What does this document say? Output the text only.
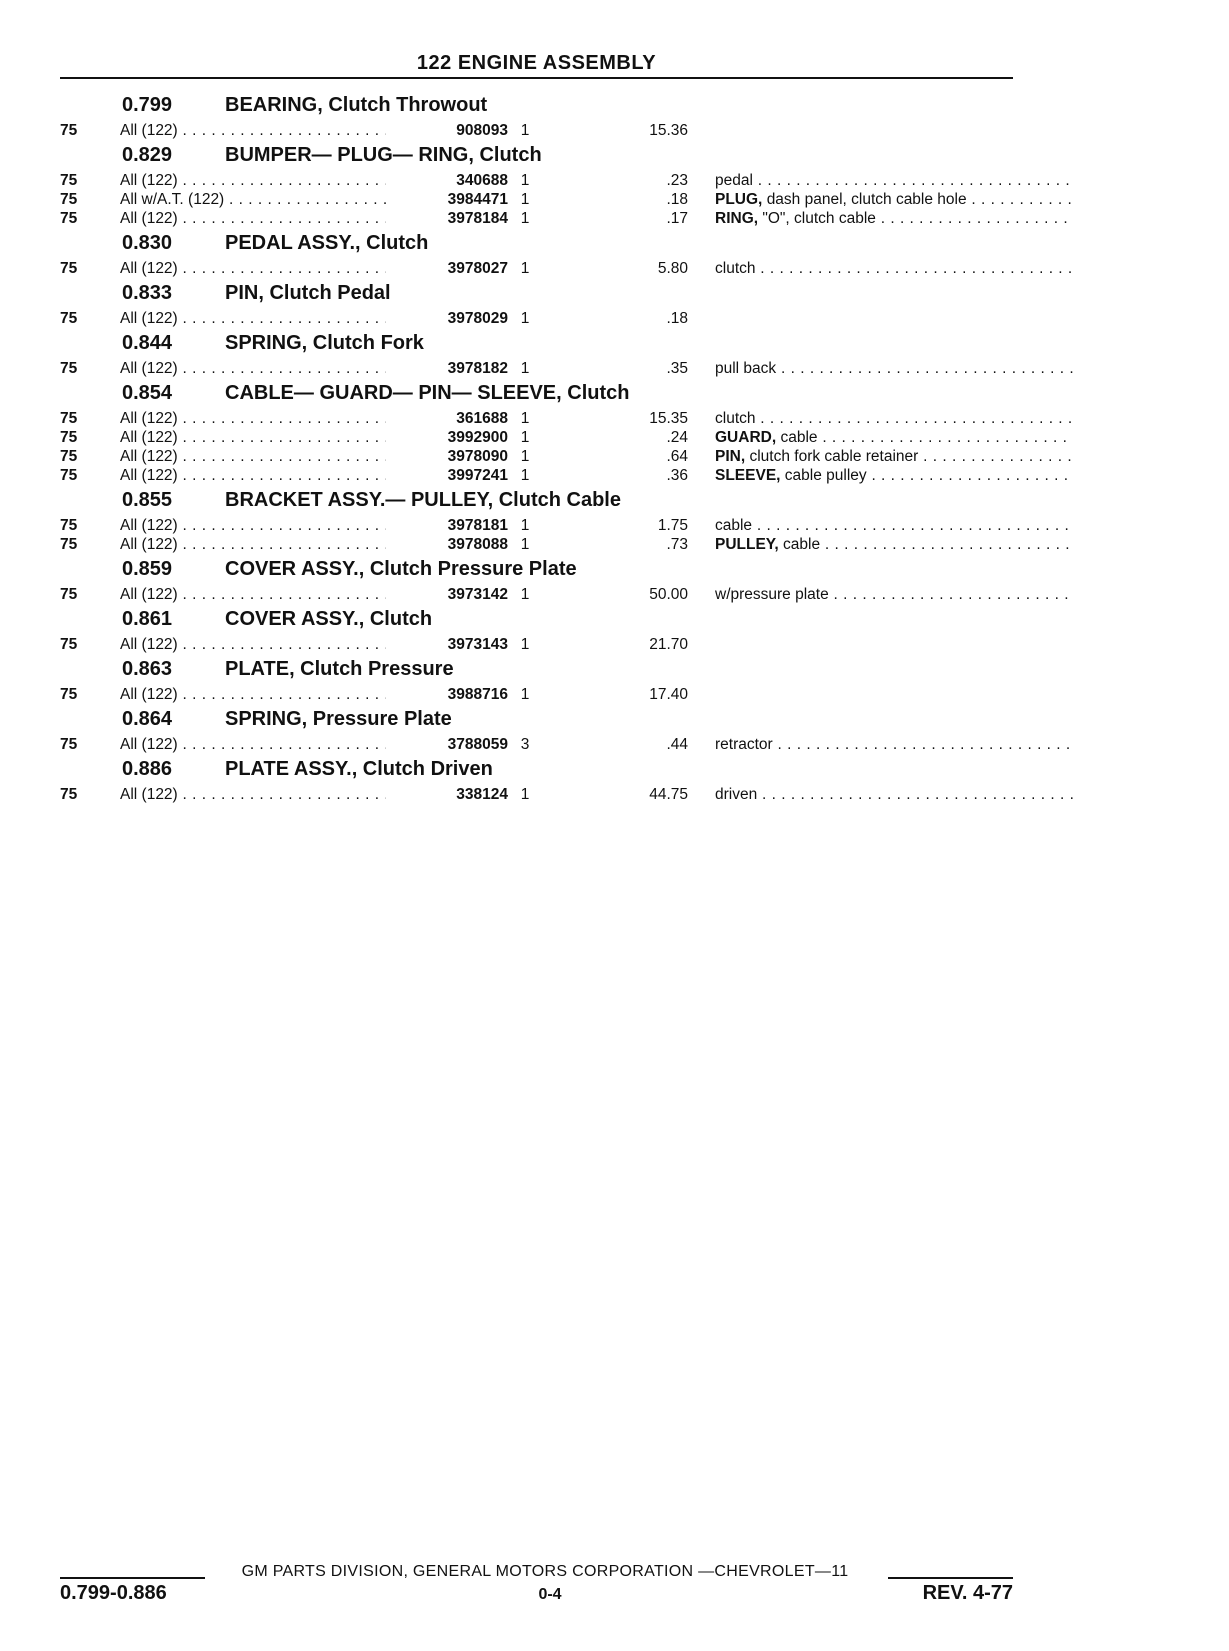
122 ENGINE ASSEMBLY
0.799	BEARING, Clutch Throwout
75	All (122) . . .	908093 1	15.36
0.829	BUMPER— PLUG— RING, Clutch
75	All (122) . . .	340688 1	.23 pedal . . .
75	All w/A.T. (122) . . .	3984471 1	.18 PLUG, dash panel, clutch cable hole . . .
75	All (122) . . .	3978184 1	.17 RING, "O", clutch cable . . .
0.830	PEDAL ASSY., Clutch
75	All (122) . . .	3978027 1	5.80 clutch . . .
0.833	PIN, Clutch Pedal
75	All (122) . . .	3978029 1	.18
0.844	SPRING, Clutch Fork
75	All (122) . . .	3978182 1	.35 pull back . . .
0.854	CABLE— GUARD— PIN— SLEEVE, Clutch
75	All (122) . . .	361688 1	15.35 clutch . . .
75	All (122) . . .	3992900 1	.24 GUARD, cable . . .
75	All (122) . . .	3978090 1	.64 PIN, clutch fork cable retainer . . .
75	All (122) . . .	3997241 1	.36 SLEEVE, cable pulley . . .
0.855	BRACKET ASSY.— PULLEY, Clutch Cable
75	All (122) . . .	3978181 1	1.75 cable . . .
75	All (122) . . .	3978088 1	.73 PULLEY, cable . . .
0.859	COVER ASSY., Clutch Pressure Plate
75	All (122) . . .	3973142 1	50.00 w/pressure plate . . .
0.861	COVER ASSY., Clutch
75	All (122) . . .	3973143 1	21.70
0.863	PLATE, Clutch Pressure
75	All (122) . . .	3988716 1	17.40
0.864	SPRING, Pressure Plate
75	All (122) . . .	3788059 3	.44 retractor . . .
0.886	PLATE ASSY., Clutch Driven
75	All (122) . . .	338124 1	44.75 driven . . .
GM PARTS DIVISION, GENERAL MOTORS CORPORATION —CHEVROLET—11
0.799-0.886	0-4	REV. 4-77
